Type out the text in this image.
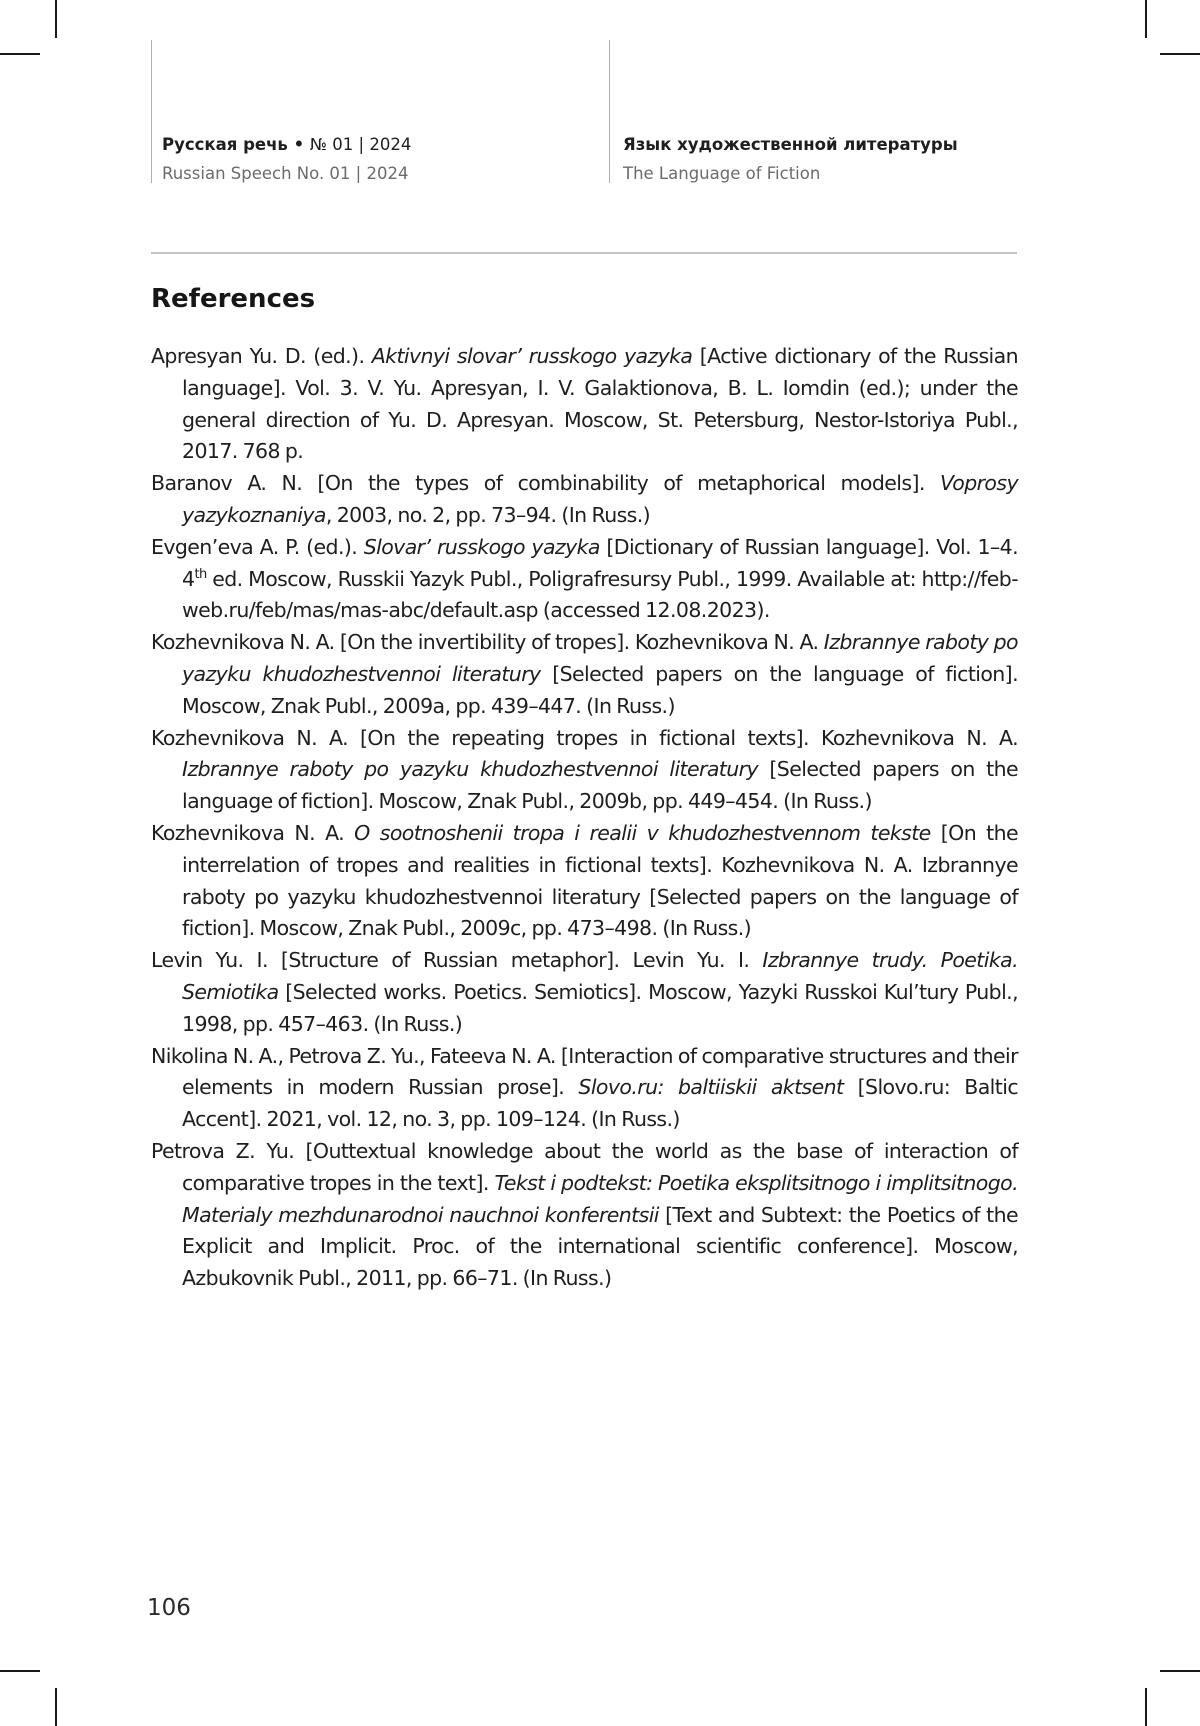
Русская речь • № 01 | 2024
Russian Speech No. 01 | 2024
Язык художественной литературы
The Language of Fiction
References

Apresyan Yu. D. (ed.). Aktivnyi slovar’ russkogo yazyka [Active dictionary of the Russian language]. Vol. 3. V. Yu. Apresyan, I. V. Galaktionova, B. L. Iomdin (ed.); under the general direction of Yu. D. Apresyan. Moscow, St. Petersburg, Nestor-Istoriya Publ., 2017. 768 p.

Baranov A. N. [On the types of combinability of metaphorical models]. Voprosy yazykoznaniya, 2003, no. 2, pp. 73–94. (In Russ.)

Evgen’eva A. P. (ed.). Slovar’ russkogo yazyka [Dictionary of Russian language]. Vol. 1–4. 4th ed. Moscow, Russkii Yazyk Publ., Poligrafresursy Publ., 1999. Available at: http://feb-web.ru/feb/mas/mas-abc/default.asp (accessed 12.08.2023).

Kozhevnikova N. A. [On the invertibility of tropes]. Kozhevnikova N. A. Izbrannye raboty po yazyku khudozhestvennoi literatury [Selected papers on the language of fiction]. Moscow, Znak Publ., 2009a, pp. 439–447. (In Russ.)

Kozhevnikova N. A. [On the repeating tropes in fictional texts]. Kozhevnikova N. A. Izbrannye raboty po yazyku khudozhestvennoi literatury [Selected papers on the language of fiction]. Moscow, Znak Publ., 2009b, pp. 449–454. (In Russ.)

Kozhevnikova N. A. O sootnoshenii tropa i realii v khudozhestvennom tekste [On the interrelation of tropes and realities in fictional texts]. Kozhevnikova N. A. Izbrannye raboty po yazyku khudozhestvennoi literatury [Selected papers on the language of fiction]. Moscow, Znak Publ., 2009c, pp. 473–498. (In Russ.)

Levin Yu. I. [Structure of Russian metaphor]. Levin Yu. I. Izbrannye trudy. Poetika. Semiotika [Selected works. Poetics. Semiotics]. Moscow, Yazyki Russkoi Kul’tury Publ., 1998, pp. 457–463. (In Russ.)

Nikolina N. A., Petrova Z. Yu., Fateeva N. A. [Interaction of comparative structures and their elements in modern Russian prose]. Slovo.ru: baltiiskii aktsent [Slovo.ru: Baltic Accent]. 2021, vol. 12, no. 3, pp. 109–124. (In Russ.)

Petrova Z. Yu. [Outtextual knowledge about the world as the base of interaction of comparative tropes in the text]. Tekst i podtekst: Poetika eksplitsitnogo i implitsitnogo. Materialy mezhdunarodnoi nauchnoi konferentsii [Text and Subtext: the Poetics of the Explicit and Implicit. Proc. of the international scientific conference]. Moscow, Azbukovnik Publ., 2011, pp. 66–71. (In Russ.)

106
